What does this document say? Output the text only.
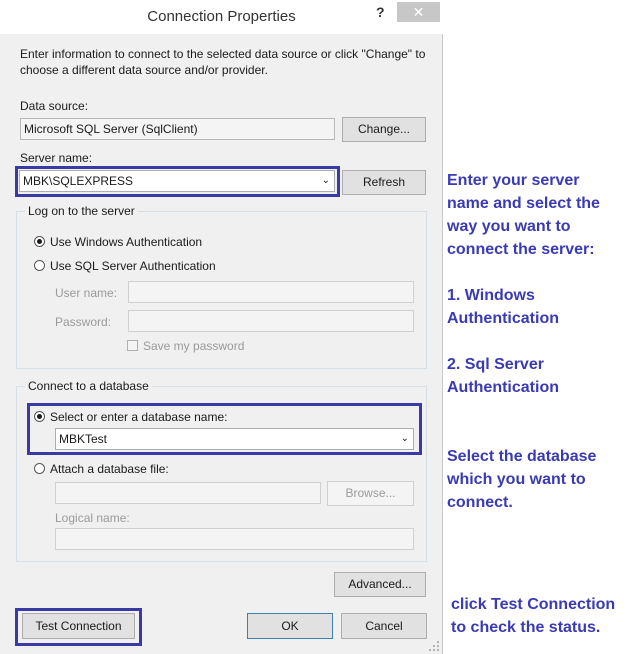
Connection Properties	?	✕
Enter information to connect to the selected data source or click "Change" to choose a different data source and/or provider.
Data source:
Microsoft SQL Server (SqlClient)	Change...
Server name:
MBK\SQLEXPRESS	⌄	Refresh
Log on to the server
Use Windows Authentication
Use SQL Server Authentication
User name:
Password:
Save my password
Connect to a database
Select or enter a database name:
MBKTest	⌄
Attach a database file:
Browse...
Logical name:
Advanced...
Test Connection	OK	Cancel
Enter your server
name and select the
way you want to
connect the server:
1. Windows
Authentication
2. Sql Server
Authentication
Select the database
which you want to
connect.
click Test Connection
to check the status.
